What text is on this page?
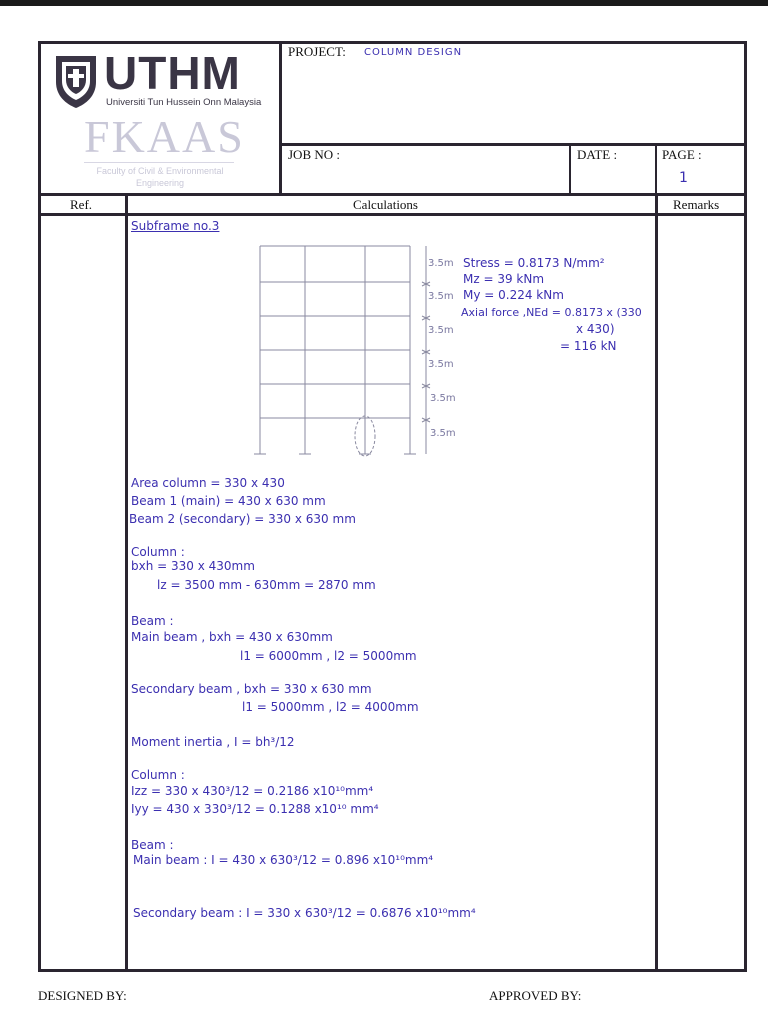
UTHM
Universiti Tun Hussein Onn Malaysia
FKAAS
Faculty of Civil & Environmental
Engineering
PROJECT: COLUMN DESIGN
JOB NO :	DATE :	PAGE :
1
Ref.	Calculations	Remarks
Subframe no.3
3.5m
3.5m
3.5m
3.5m
3.5m
3.5m
Stress = 0.8173 N/mm²
Mz = 39 kNm
My = 0.224 kNm
Axial force ,NEd = 0.8173 x (330
x 430)
= 116 kN
Area column = 330 x 430
Beam 1 (main) = 430 x 630 mm
Beam 2 (secondary) = 330 x 630 mm
Column :
bxh = 330 x 430mm
lz = 3500 mm - 630mm = 2870 mm
Beam :
Main beam , bxh = 430 x 630mm
l1 = 6000mm , l2 = 5000mm
Secondary beam , bxh = 330 x 630 mm
l1 = 5000mm , l2 = 4000mm
Moment inertia , I = bh³/12
Column :
Izz = 330 x 430³/12 = 0.2186 x10¹⁰mm⁴
Iyy = 430 x 330³/12 = 0.1288 x10¹⁰ mm⁴
Beam :
Main beam : I = 430 x 630³/12 = 0.896 x10¹⁰mm⁴
Secondary beam : I = 330 x 630³/12 = 0.6876 x10¹⁰mm⁴
DESIGNED BY:	APPROVED BY:
